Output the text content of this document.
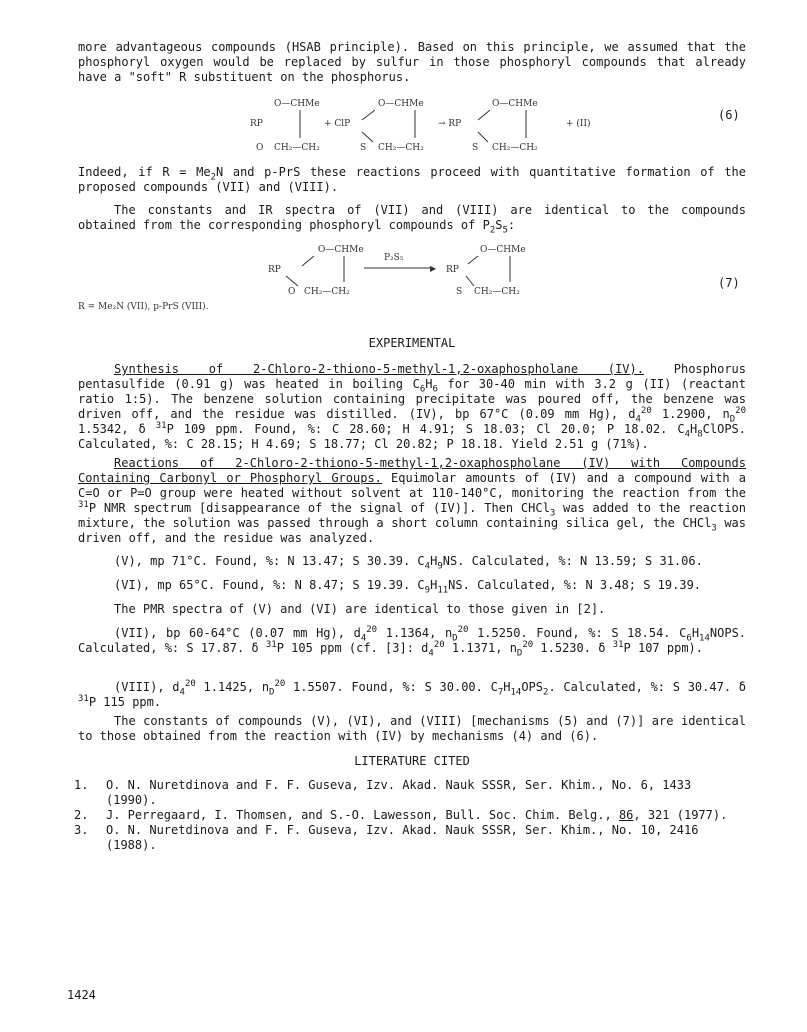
more advantageous compounds (HSAB principle). Based on this principle, we assumed that the phosphoryl oxygen would be replaced by sulfur in those phosphoryl compounds that already have a "soft" R substituent on the phosphorus.

O—CHMe
RP
O CH₂—CH₂
+ ClP
O—CHMe
S CH₂—CH₂
→ RP
O—CHMe
S CH₂—CH₂
+ (II)
(6)

Indeed, if $R = Me_2N$ and p-PrS these reactions proceed with quantitative formation of the proposed compounds (VII) and (VIII).

The constants and IR spectra of (VII) and (VIII) are identical to the compounds obtained from the corresponding phosphoryl compounds of $P_2S_5$:

O—CHMe
RP
O CH₂—CH₂
P₂S₅
▶ RP
O—CHMe
S CH₂—CH₂
(7)
R = Me₂N (VII), p-PrS (VIII).
EXPERIMENTAL

Synthesis of 2-Chloro-2-thiono-5-methyl-1,2-oxaphospholane (IV). Phosphorus pentasulfide (0.91 g) was heated in boiling $C_6H_6$ for 30-40 min with 3.2 g (II) (reactant ratio 1:5). The benzene solution containing precipitate was poured off, the benzene was driven off, and the residue was distilled. (IV), bp 67°C (0.09 mm Hg), $d_4^{20}$ 1.2900, $n_D^{20}$ 1.5342, δ $^{31}$P 109 ppm. Found, %: C 28.60; H 4.91; S 18.03; Cl 20.0; P 18.02. $C_4H_8ClOPS$. Calculated, %: C 28.15; H 4.69; S 18.77; Cl 20.82; P 18.18. Yield 2.51 g (71%).

Reactions of 2-Chloro-2-thiono-5-methyl-1,2-oxaphospholane (IV) with Compounds Containing Carbonyl or Phosphoryl Groups. Equimolar amounts of (IV) and a compound with a C=O or P=O group were heated without solvent at 110-140°C, monitoring the reaction from the $^{31}$P NMR spectrum [disappearance of the signal of (IV)]. Then CHCl$_3$ was added to the reaction mixture, the solution was passed through a short column containing silica gel, the CHCl$_3$ was driven off, and the residue was analyzed.

(V), mp 71°C. Found, %: N 13.47; S 30.39. $C_4H_9NS$. Calculated, %: N 13.59; S 31.06.

(VI), mp 65°C. Found, %: N 8.47; S 19.39. $C_9H_{11}NS$. Calculated, %: N 3.48; S 19.39.

The PMR spectra of (V) and (VI) are identical to those given in [2].

(VII), bp 60-64°C (0.07 mm Hg), $d_4^{20}$ 1.1364, $n_D^{20}$ 1.5250. Found, %: S 18.54. $C_6H_{14}NOPS$. Calculated, %: S 17.87. δ $^{31}$P 105 ppm (cf. [3]: $d_4^{20}$ 1.1371, $n_D^{20}$ 1.5230. δ $^{31}$P 107 ppm).

(VIII), $d_4^{20}$ 1.1425, $n_D^{20}$ 1.5507. Found, %: S 30.00. $C_7H_{14}OPS_2$. Calculated, %: S 30.47. δ $^{31}$P 115 ppm.

The constants of compounds (V), (VI), and (VIII) [mechanisms (5) and (7)] are identical to those obtained from the reaction with (IV) by mechanisms (4) and (6).

LITERATURE CITED
1. O. N. Nuretdinova and F. F. Guseva, Izv. Akad. Nauk SSSR, Ser. Khim., No. 6, 1433 (1990).
2. J. Perregaard, I. Thomsen, and S.-O. Lawesson, Bull. Soc. Chim. Belg., 86, 321 (1977).
3. O. N. Nuretdinova and F. F. Guseva, Izv. Akad. Nauk SSSR, Ser. Khim., No. 10, 2416 (1988).
1424
